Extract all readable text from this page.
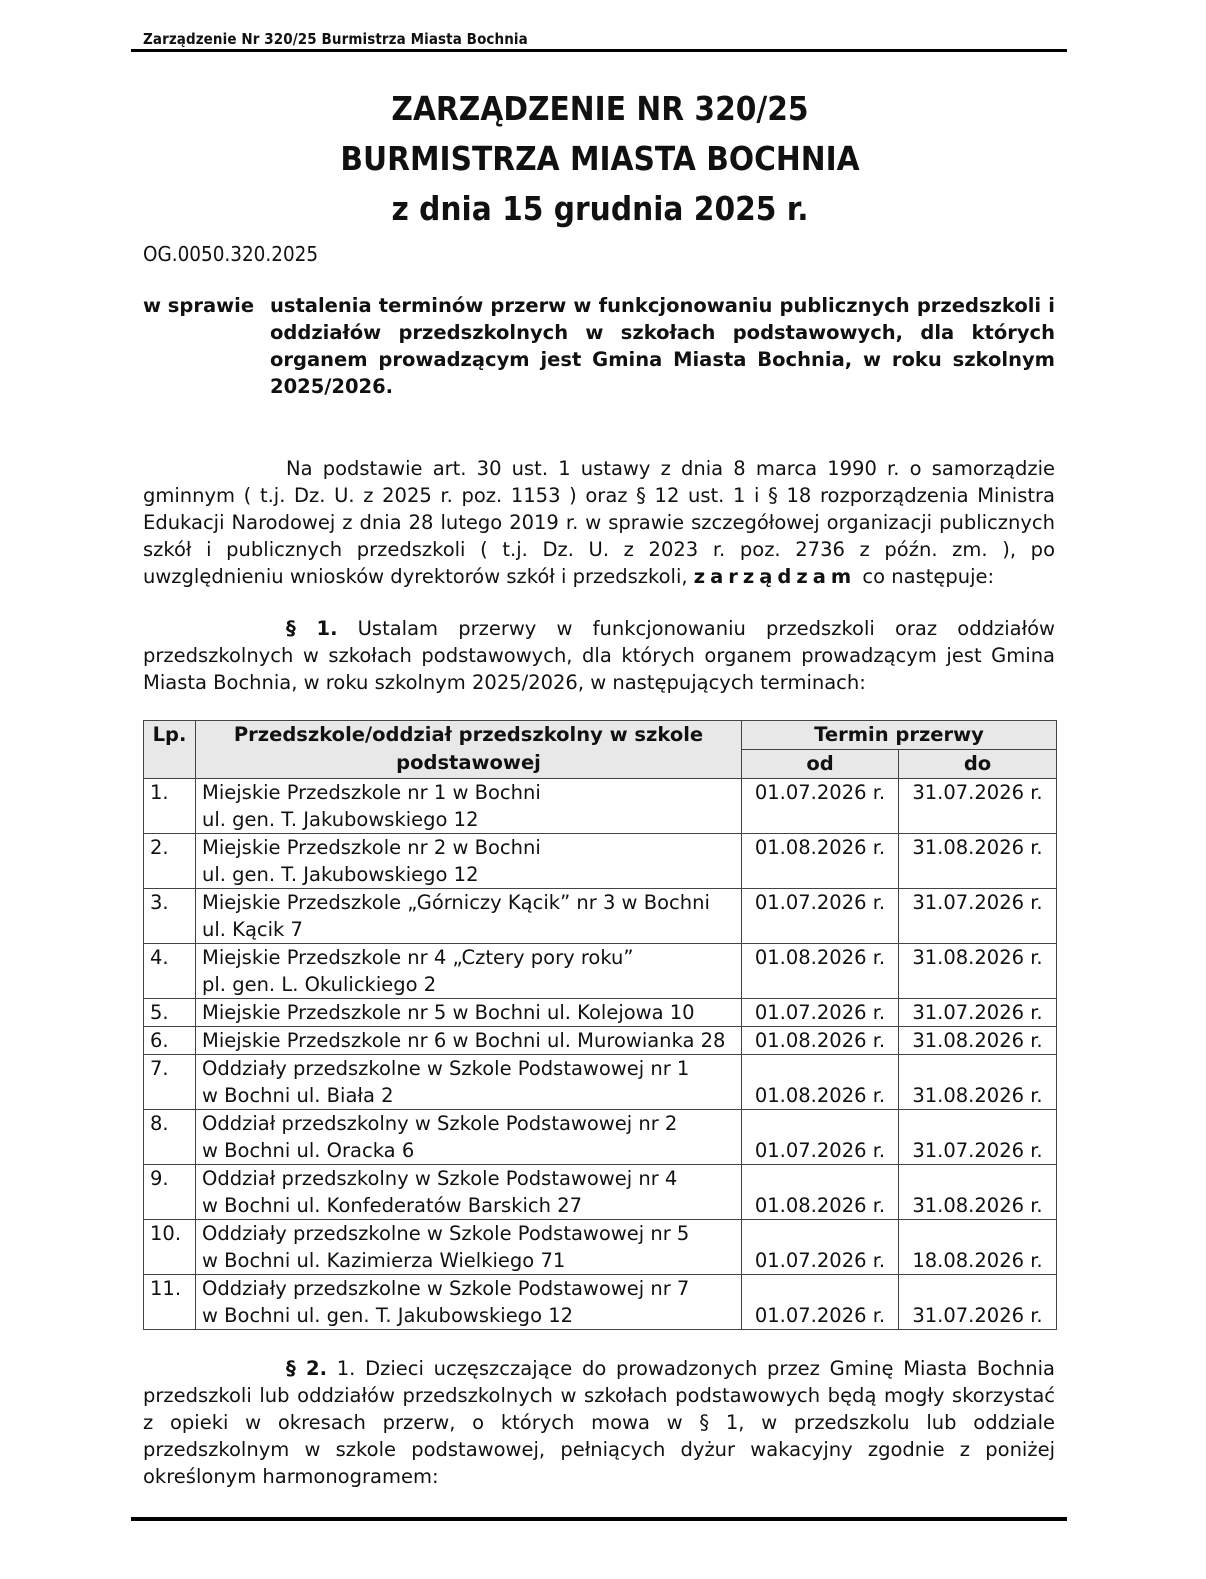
Zarządzenie Nr 320/25 Burmistrza Miasta Bochnia
ZARZĄDZENIE NR 320/25
BURMISTRZA MIASTA BOCHNIA
z dnia 15 grudnia 2025 r.
OG.0050.320.2025
w sprawie ustalenia terminów przerw w funkcjonowaniu publicznych przedszkoli i oddziałów przedszkolnych w szkołach podstawowych, dla których organem prowadzącym jest Gmina Miasta Bochnia, w roku szkolnym 2025/2026.
Na podstawie art. 30 ust. 1 ustawy z dnia 8 marca 1990 r. o samorządzie gminnym ( t.j. Dz. U. z 2025 r. poz. 1153 ) oraz § 12 ust. 1 i § 18 rozporządzenia Ministra Edukacji Narodowej z dnia 28 lutego 2019 r. w sprawie szczegółowej organizacji publicznych szkół i publicznych przedszkoli ( t.j. Dz. U. z 2023 r. poz. 2736 z późn. zm. ), po uwzględnieniu wniosków dyrektorów szkół i przedszkoli, zarządzam co następuje:
§ 1. Ustalam przerwy w funkcjonowaniu przedszkoli oraz oddziałów przedszkolnych w szkołach podstawowych, dla których organem prowadzącym jest Gmina Miasta Bochnia, w roku szkolnym 2025/2026, w następujących terminach:
Lp.	Przedszkole/oddział przedszkolny w szkole podstawowej	Termin przerwy	
		od	do
1.	Miejskie Przedszkole nr 1 w Bochni
ul. gen. T. Jakubowskiego 12	01.07.2026 r.	31.07.2026 r.
2.	Miejskie Przedszkole nr 2 w Bochni
ul. gen. T. Jakubowskiego 12	01.08.2026 r.	31.08.2026 r.
3.	Miejskie Przedszkole „Górniczy Kącik” nr 3 w Bochni
ul. Kącik 7	01.07.2026 r.	31.07.2026 r.
4.	Miejskie Przedszkole nr 4 „Cztery pory roku”
pl. gen. L. Okulickiego 2	01.08.2026 r.	31.08.2026 r.
5.	Miejskie Przedszkole nr 5 w Bochni ul. Kolejowa 10	01.07.2026 r.	31.07.2026 r.
6.	Miejskie Przedszkole nr 6 w Bochni ul. Murowianka 28	01.08.2026 r.	31.08.2026 r.
7.	Oddziały przedszkolne w Szkole Podstawowej nr 1
w Bochni ul. Biała 2	01.08.2026 r.	31.08.2026 r.
8.	Oddział przedszkolny w Szkole Podstawowej nr 2
w Bochni ul. Oracka 6	01.07.2026 r.	31.07.2026 r.
9.	Oddział przedszkolny w Szkole Podstawowej nr 4
w Bochni ul. Konfederatów Barskich 27	01.08.2026 r.	31.08.2026 r.
10.	Oddziały przedszkolne w Szkole Podstawowej nr 5
w Bochni ul. Kazimierza Wielkiego 71	01.07.2026 r.	18.08.2026 r.
11.	Oddziały przedszkolne w Szkole Podstawowej nr 7
w Bochni ul. gen. T. Jakubowskiego 12	01.07.2026 r.	31.07.2026 r.
§ 2. 1. Dzieci uczęszczające do prowadzonych przez Gminę Miasta Bochnia przedszkoli lub oddziałów przedszkolnych w szkołach podstawowych będą mogły skorzystać z opieki w okresach przerw, o których mowa w § 1, w przedszkolu lub oddziale przedszkolnym w szkole podstawowej, pełniących dyżur wakacyjny zgodnie z poniżej określonym harmonogramem:
